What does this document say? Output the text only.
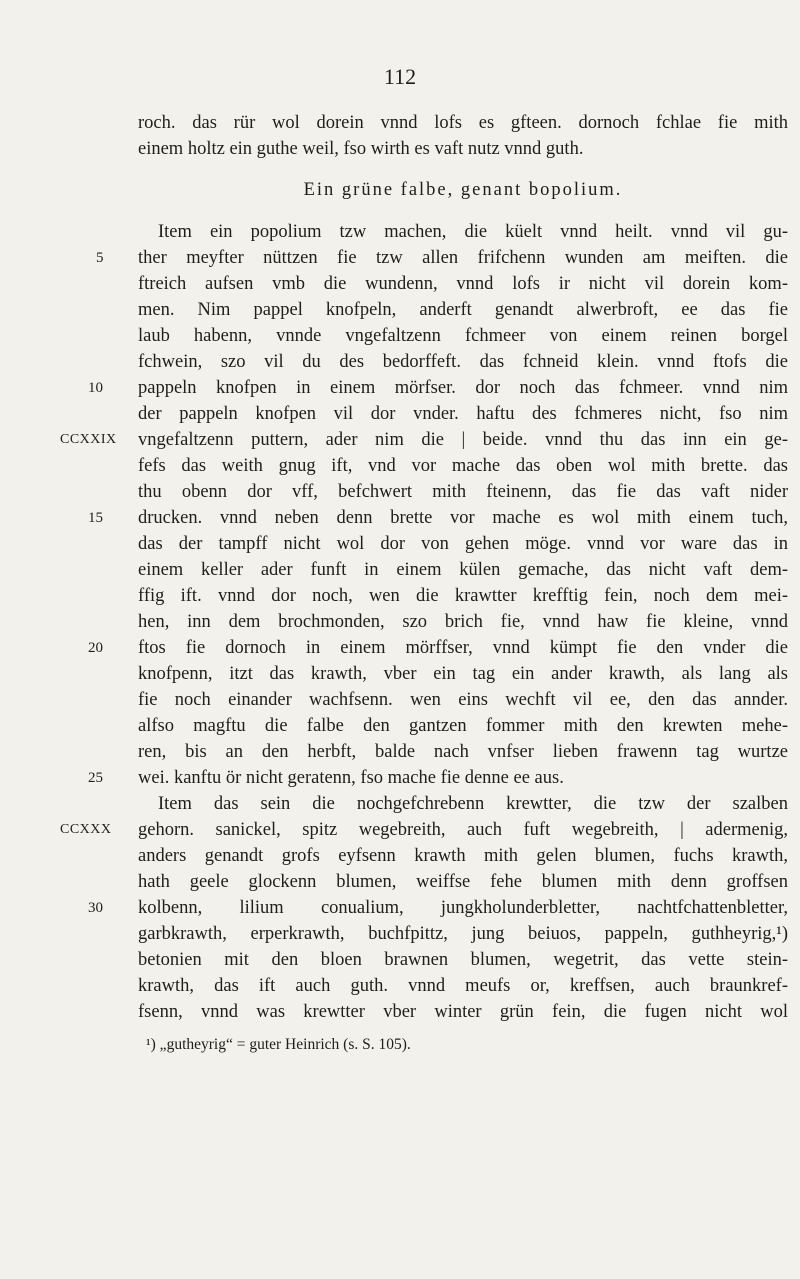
112
roch. das rür wol dorein vnnd lofs es gfteen. dornoch fchlae fie mith
einem holtz ein guthe weil, fso wirth es vaft nutz vnnd guth.
Ein grüne falbe, genant bopolium.
Item ein popolium tzw machen, die küelt vnnd heilt. vnnd vil gu-
5	ther meyfter nüttzen fie tzw allen frifchenn wunden am meiften. die
ftreich aufsen vmb die wundenn, vnnd lofs ir nicht vil dorein kom-
men. Nim pappel knofpeln, anderft genandt alwerbroft, ee das fie
laub habenn, vnnde vngefaltzenn fchmeer von einem reinen borgel
fchwein, szo vil du des bedorffeft. das fchneid klein. vnnd ftofs die
10	pappeln knofpen in einem mörfser. dor noch das fchmeer. vnnd nim
der pappeln knofpen vil dor vnder. haftu des fchmeres nicht, fso nim
CCXXIX vngefaltzenn puttern, ader nim die | beide. vnnd thu das inn ein ge-
fefs das weith gnug ift, vnd vor mache das oben wol mith brette. das
thu obenn dor vff, befchwert mith fteinenn, das fie das vaft nider
15	drucken. vnnd neben denn brette vor mache es wol mith einem tuch,
das der tampff nicht wol dor von gehen möge. vnnd vor ware das in
einem keller ader funft in einem külen gemache, das nicht vaft dem-
ffig ift. vnnd dor noch, wen die krawtter krefftig fein, noch dem mei-
hen, inn dem brochmonden, szo brich fie, vnnd haw fie kleine, vnnd
20	ftos fie dornoch in einem mörffser, vnnd kümpt fie den vnder die
knofpenn, itzt das krawth, vber ein tag ein ander krawth, als lang als
fie noch einander wachfsenn. wen eins wechft vil ee, den das annder.
alfso magftu die falbe den gantzen fommer mith den krewten mehe-
ren, bis an den herbft, balde nach vnfser lieben frawenn tag wurtze
25	wei. kanftu ör nicht geratenn, fso mache fie denne ee aus.
Item das sein die nochgefchrebenn krewtter, die tzw der szalben
CCXXX gehorn. sanickel, spitz wegebreith, auch fuft wegebreith, | adermenig,
anders genandt grofs eyfsenn krawth mith gelen blumen, fuchs krawth,
hath geele glockenn blumen, weiffse fehe blumen mith denn groffsen
30	kolbenn, lilium conualium, jungkholunderbletter, nachtfchattenbletter,
garbkrawth, erperkrawth, buchfpittz, jung beiuos, pappeln, guthheyrig,¹)
betonien mit den bloen brawnen blumen, wegetrit, das vette stein-
krawth, das ift auch guth. vnnd meufs or, kreffsen, auch braunkref-
fsenn, vnnd was krewtter vber winter grün fein, die fugen nicht wol
¹) „gutheyrig“ = guter Heinrich (s. S. 105).
